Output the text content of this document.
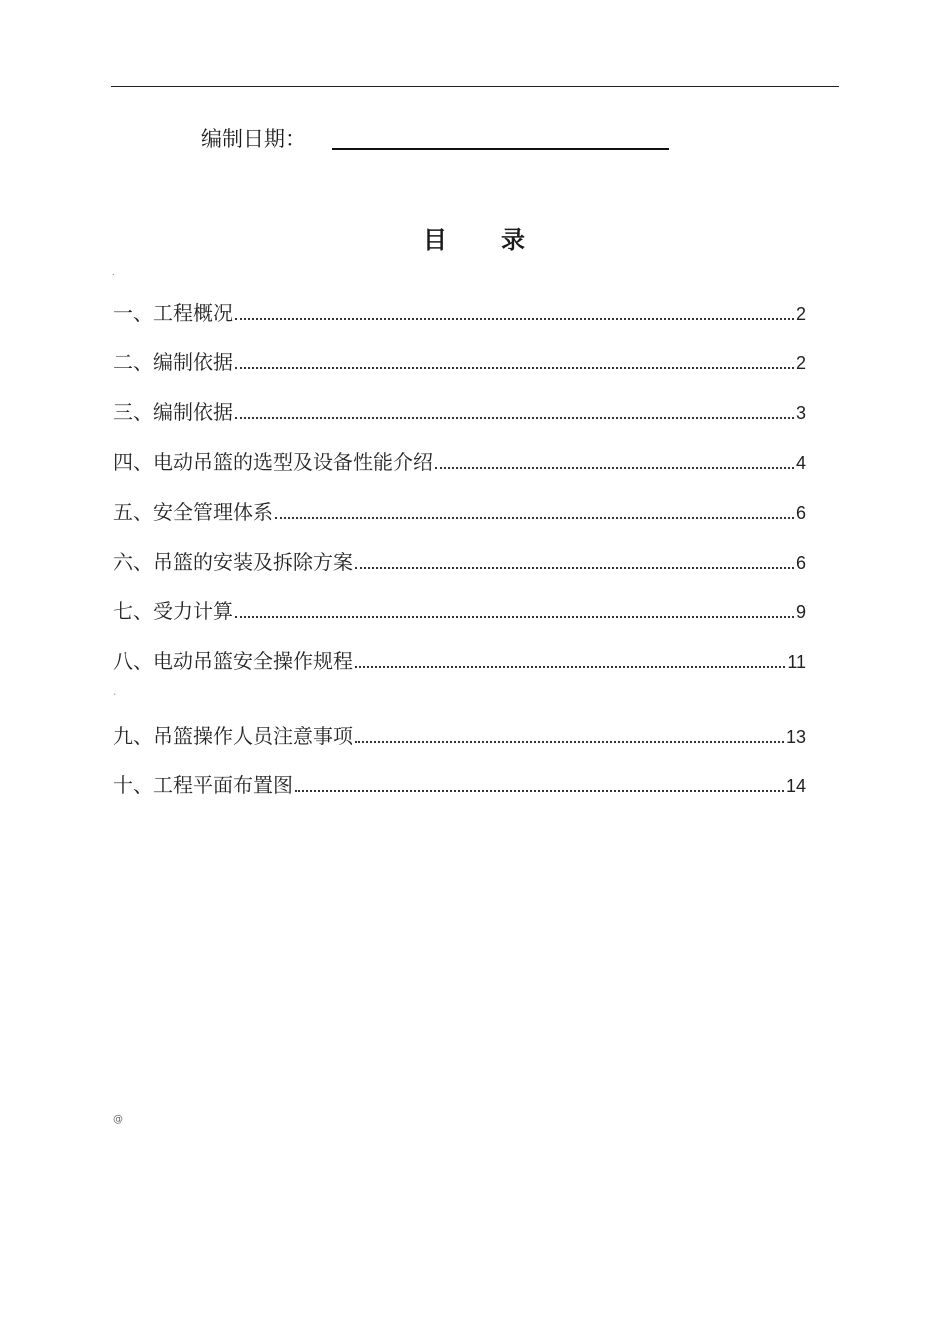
编制日期：
目 录
.
`
@
一、 工程概况	2
二、 编制依据	2
三、 编制依据	3
四、 电动吊篮的选型及设备性能介绍	4
五、 安全管理体系	6
六、 吊篮的安装及拆除方案	6
七、 受力计算	9
八、 电动吊篮安全操作规程	11
九、 吊篮操作人员注意事项	13
十、 工程平面布置图	14
